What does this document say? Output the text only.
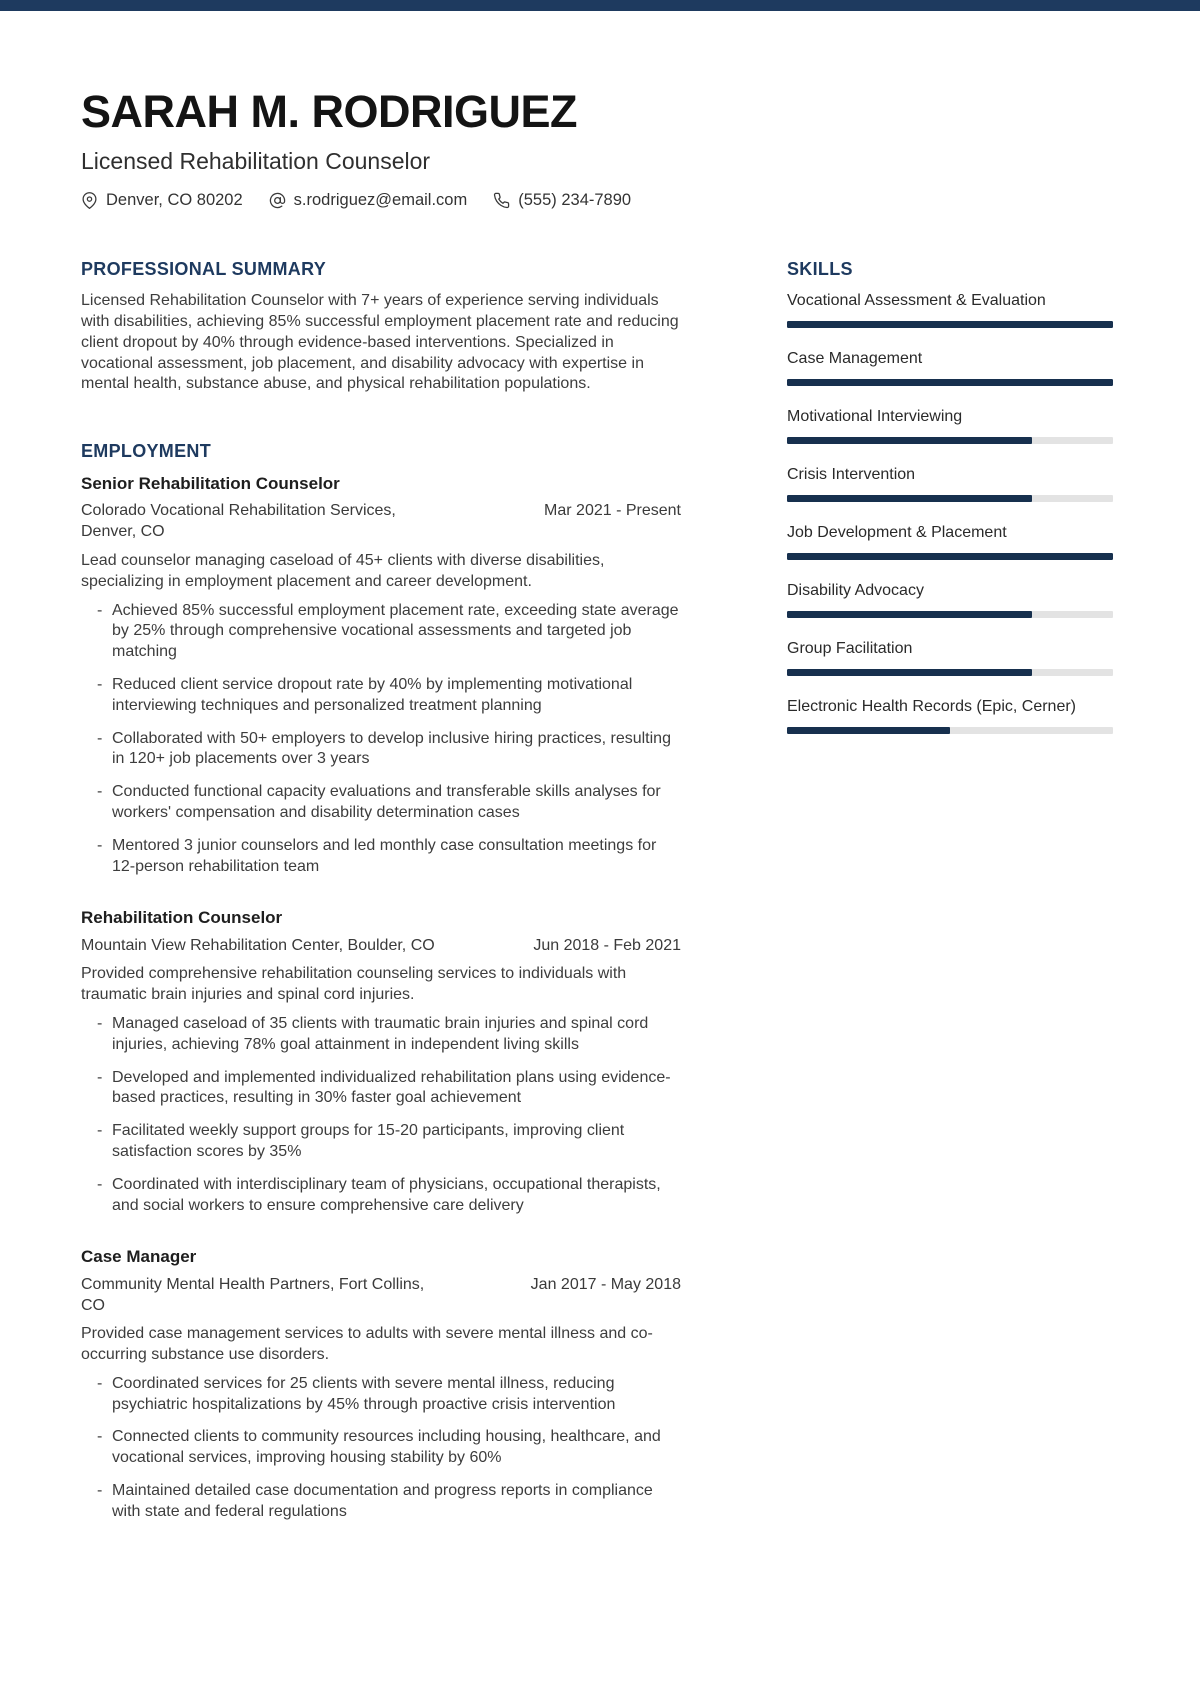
SARAH M. RODRIGUEZ
Licensed Rehabilitation Counselor
Denver, CO 80202	s.rodriguez@email.com	(555) 234-7890
PROFESSIONAL SUMMARY

Licensed Rehabilitation Counselor with 7+ years of experience serving individuals with disabilities, achieving 85% successful employment placement rate and reducing client dropout by 40% through evidence-based interventions. Specialized in vocational assessment, job placement, and disability advocacy with expertise in mental health, substance abuse, and physical rehabilitation populations.

EMPLOYMENT
Senior Rehabilitation Counselor
Colorado Vocational Rehabilitation Services, Denver, CO
Mar 2021 - Present

Lead counselor managing caseload of 45+ clients with diverse disabilities, specializing in employment placement and career development.

- Achieved 85% successful employment placement rate, exceeding state average by 25% through comprehensive vocational assessments and targeted job matching
- Reduced client service dropout rate by 40% by implementing motivational interviewing techniques and personalized treatment planning
- Collaborated with 50+ employers to develop inclusive hiring practices, resulting in 120+ job placements over 3 years
- Conducted functional capacity evaluations and transferable skills analyses for workers' compensation and disability determination cases
- Mentored 3 junior counselors and led monthly case consultation meetings for 12-person rehabilitation team
Rehabilitation Counselor
Mountain View Rehabilitation Center, Boulder, CO	Jun 2018 - Feb 2021

Provided comprehensive rehabilitation counseling services to individuals with traumatic brain injuries and spinal cord injuries.

- Managed caseload of 35 clients with traumatic brain injuries and spinal cord injuries, achieving 78% goal attainment in independent living skills
- Developed and implemented individualized rehabilitation plans using evidence-based practices, resulting in 30% faster goal achievement
- Facilitated weekly support groups for 15-20 participants, improving client satisfaction scores by 35%
- Coordinated with interdisciplinary team of physicians, occupational therapists, and social workers to ensure comprehensive care delivery
Case Manager
Community Mental Health Partners, Fort Collins, CO
Jan 2017 - May 2018

Provided case management services to adults with severe mental illness and co-occurring substance use disorders.

- Coordinated services for 25 clients with severe mental illness, reducing psychiatric hospitalizations by 45% through proactive crisis intervention
- Connected clients to community resources including housing, healthcare, and vocational services, improving housing stability by 60%
- Maintained detailed case documentation and progress reports in compliance with state and federal regulations
SKILLS
Vocational Assessment & Evaluation
Case Management
Motivational Interviewing
Crisis Intervention
Job Development & Placement
Disability Advocacy
Group Facilitation
Electronic Health Records (Epic, Cerner)
